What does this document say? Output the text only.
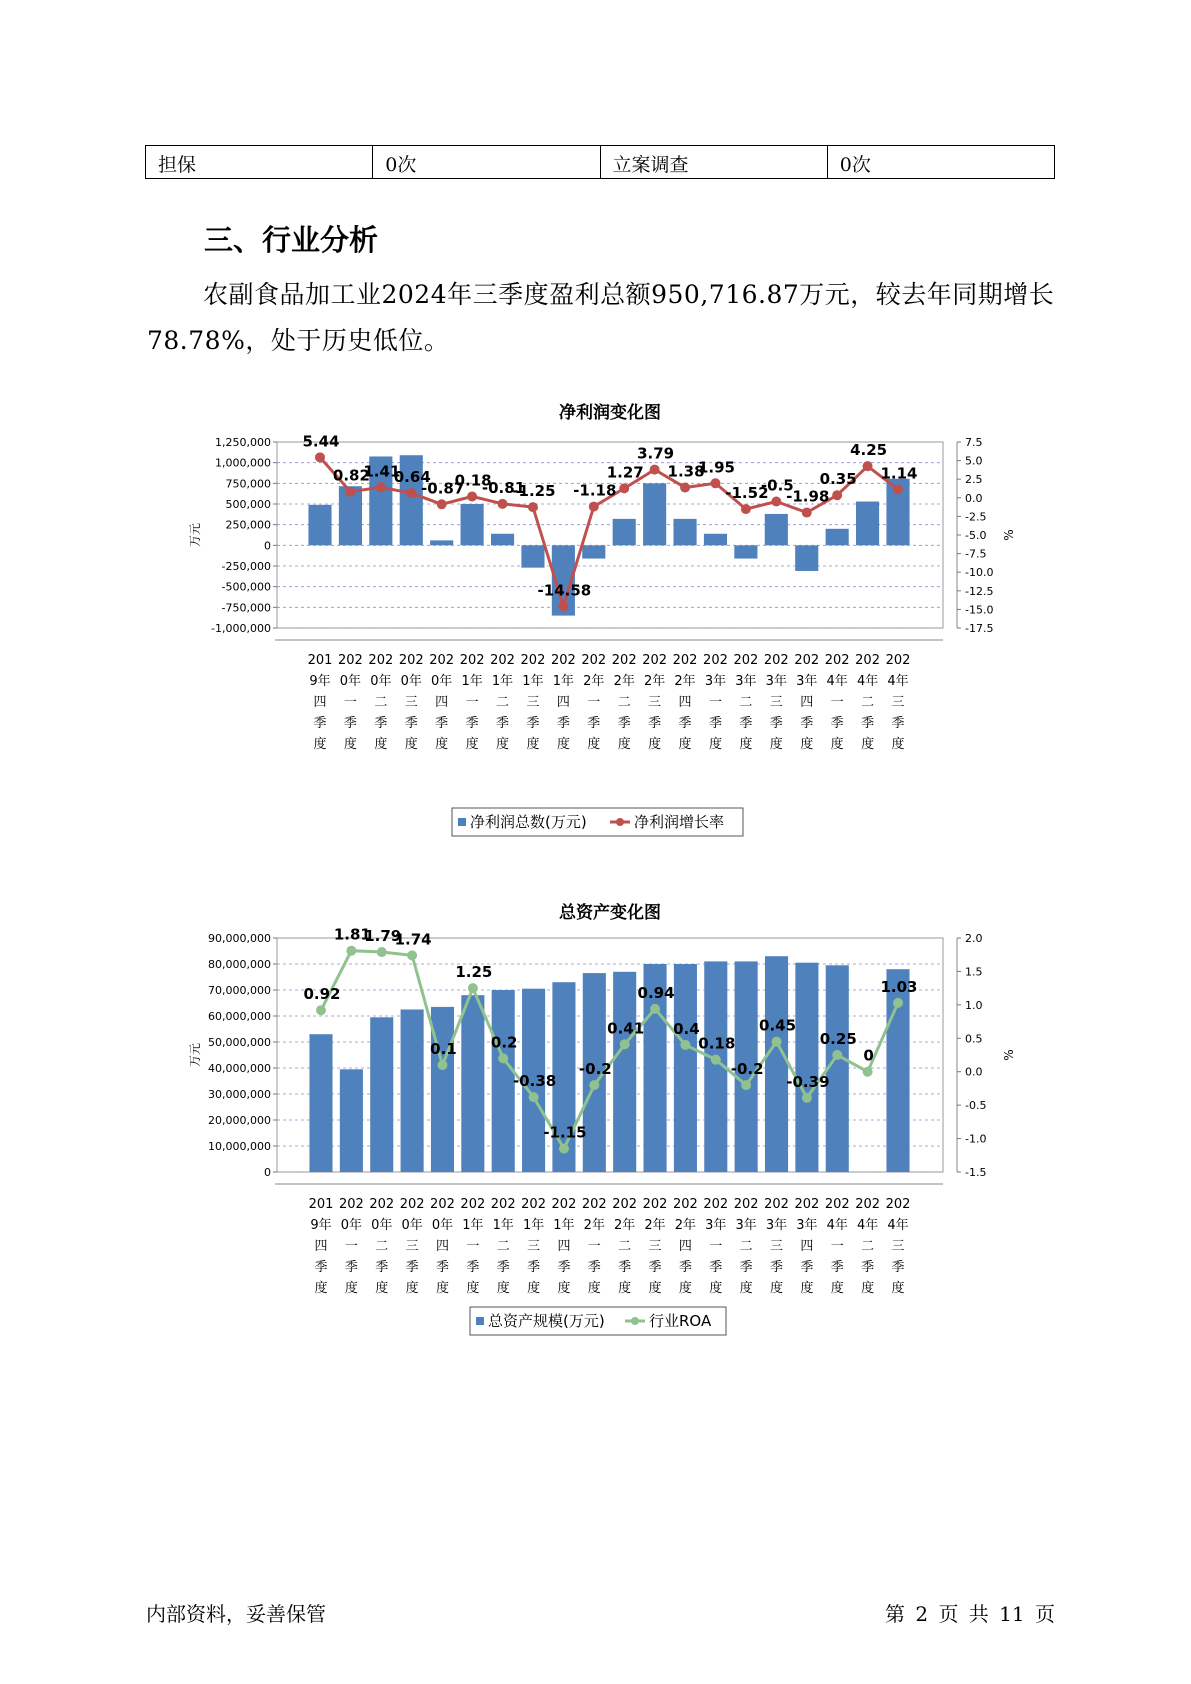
担保	0次	立案调查	0次
三、行业分析

农副食品加工业2024年三季度盈利总额950,716.87万元，较去年同期增长78.78%，处于历史低位。

净利润变化图
1,250,000
1,000,000
750,000
500,000
250,000
0
-250,000
-500,000
-750,000
-1,000,000
7.5
5.0
2.5
0.0
-2.5
-5.0
-7.5
-10.0
-12.5
-15.0
-17.5
万元	%
5.44
0.82
1.41
0.64
-0.87
0.18
-0.81
-1.25
-14.58
-1.18
1.27
3.79
1.38
1.95
-1.52
-0.5
-1.98
0.35
4.25
1.14
201 9年四季度
202 0年一季度
202 0年二季度
202 0年三季度
202 0年四季度
202 1年一季度
202 1年二季度
202 1年三季度
202 1年四季度
202 2年一季度
202 2年二季度
202 2年三季度
202 2年四季度
202 3年一季度
202 3年二季度
202 3年三季度
202 3年四季度
202 4年一季度
202 4年二季度
202 4年三季度
净利润总数(万元)	净利润增长率
总资产变化图
90,000,000
80,000,000
70,000,000
60,000,000
50,000,000
40,000,000
30,000,000
20,000,000
10,000,000
0
2.0
1.5
1.0
0.5
0.0
-0.5
-1.0
-1.5
万元	%
0.92
1.81
1.79
1.74
0.1
1.25
0.2
-0.38
-1.15
-0.2
0.41
0.94
0.4
0.18
-0.2
0.45
-0.39
0.25
0
1.03
201 9年四季度
202 0年一季度
202 0年二季度
202 0年三季度
202 0年四季度
202 1年一季度
202 1年二季度
202 1年三季度
202 1年四季度
202 2年一季度
202 2年二季度
202 2年三季度
202 2年四季度
202 3年一季度
202 3年二季度
202 3年三季度
202 3年四季度
202 4年一季度
202 4年二季度
202 4年三季度
总资产规模(万元)	行业ROA
内部资料，妥善保管	第 2 页 共 11 页
